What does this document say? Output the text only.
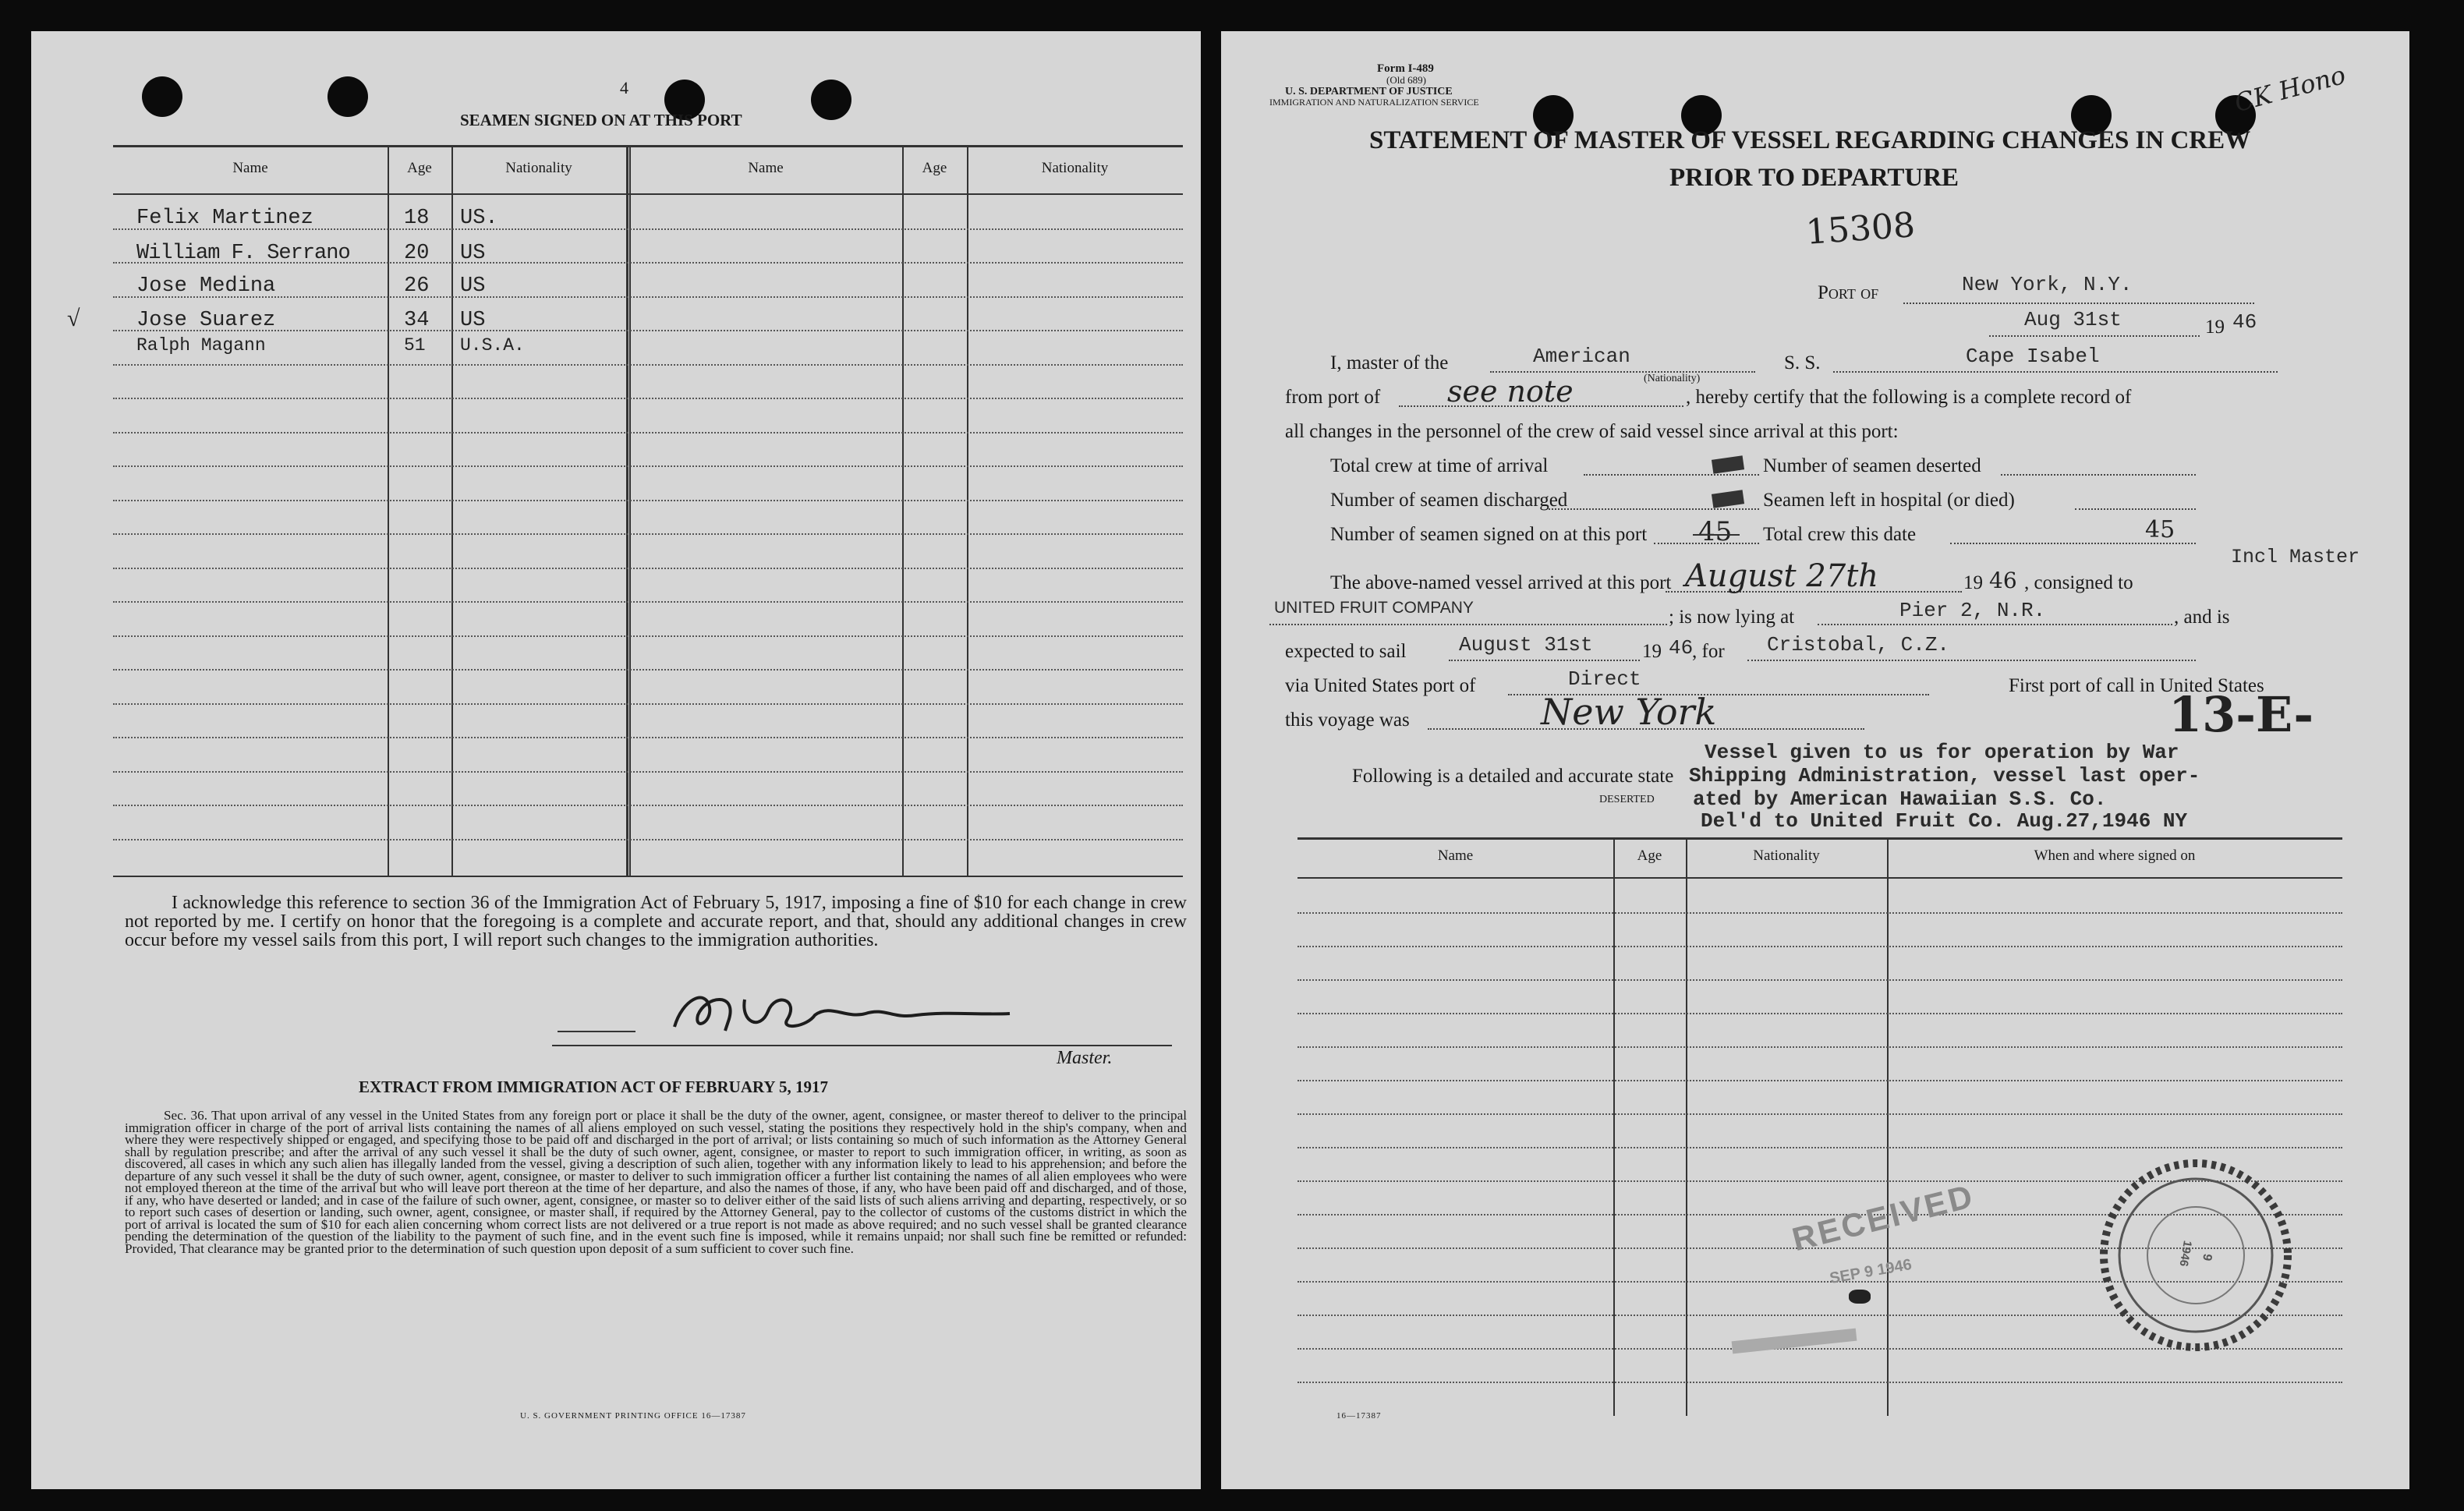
4
SEAMEN SIGNED ON AT THIS PORT
Name	Age	Nationality	Name	Age	Nationality
Felix Martinez	18 US.
William F. Serrano	20 US
Jose Medina	26 US
Jose Suarez	34 US
Ralph Magann	51 U.S.A.
√
I acknowledge this reference to section 36 of the Immigration Act of February 5, 1917, imposing a fine of $10 for each change in crew not reported by me. I certify on honor that the foregoing is a complete and accurate report, and that, should any additional changes in crew occur before my vessel sails from this port, I will report such changes to the immigration authorities.
Master.
EXTRACT FROM IMMIGRATION ACT OF FEBRUARY 5, 1917
Sec. 36. That upon arrival of any vessel in the United States from any foreign port or place it shall be the duty of the owner, agent, consignee, or master thereof to deliver to the principal immigration officer in charge of the port of arrival lists containing the names of all aliens employed on such vessel, stating the positions they respectively hold in the ship's company, when and where they were respectively shipped or engaged, and specifying those to be paid off and discharged in the port of arrival; or lists containing so much of such information as the Attorney General shall by regulation prescribe; and after the arrival of any such vessel it shall be the duty of such owner, agent, consignee, or master to report to such immigration officer, in writing, as soon as discovered, all cases in which any such alien has illegally landed from the vessel, giving a description of such alien, together with any information likely to lead to his apprehension; and before the departure of any such vessel it shall be the duty of such owner, agent, consignee, or master to deliver to such immigration officer a further list containing the names of all alien employees who were not employed thereon at the time of the arrival but who will leave port thereon at the time of her departure, and also the names of those, if any, who have been paid off and discharged, and of those, if any, who have deserted or landed; and in case of the failure of such owner, agent, consignee, or master so to deliver either of the said lists of such aliens arriving and departing, respectively, or so to report such cases of desertion or landing, such owner, agent, consignee, or master shall, if required by the Attorney General, pay to the collector of customs of the customs district in which the port of arrival is located the sum of $10 for each alien concerning whom correct lists are not delivered or a true report is not made as above required; and no such vessel shall be granted clearance pending the determination of the question of the liability to the payment of such fine, and in the event such fine is imposed, while it remains unpaid; nor shall such fine be remitted or refunded: Provided, That clearance may be granted prior to the determination of such question upon deposit of a sum sufficient to cover such fine.
U. S. GOVERNMENT PRINTING OFFICE 16—17387
Form I-489
(Old 689)
U. S. DEPARTMENT OF JUSTICE
IMMIGRATION AND NATURALIZATION SERVICE	CK Hono
STATEMENT OF MASTER OF VESSEL REGARDING CHANGES IN CREW
PRIOR TO DEPARTURE
15308
Port of	New York, N.Y.
Aug 31st	19 46
I, master of the	American
(Nationality)
S. S.	Cape Isabel
from port of see note	, hereby certify that the following is a complete record of
all changes in the personnel of the crew of said vessel since arrival at this port:
Total crew at time of arrival	Number of seamen deserted
Number of seamen discharged	Seamen left in hospital (or died)
Number of seamen signed on at this port 45 Total crew this date	45
Incl Master
The above-named vessel arrived at this port August 27th	19 46 , consigned to
UNITED FRUIT COMPANY	; is now lying at	Pier 2, N.R.	, and is
expected to sail	August 31st	19 46
, for Cristobal, C.Z.
via United States port of	Direct	First port of call in United States
this voyage was	New York	13-E-
Following is a detailed and accurate state
DESERTED
Vessel given to us for operation by War
Shipping Administration, vessel last oper-
ated by American Hawaiian S.S. Co.
Del'd to United Fruit Co. Aug.27,1946 NY
Name	Age	Nationality	When and where signed on
RECEIVED
SEP 9 1946	9
1946
16—17387
